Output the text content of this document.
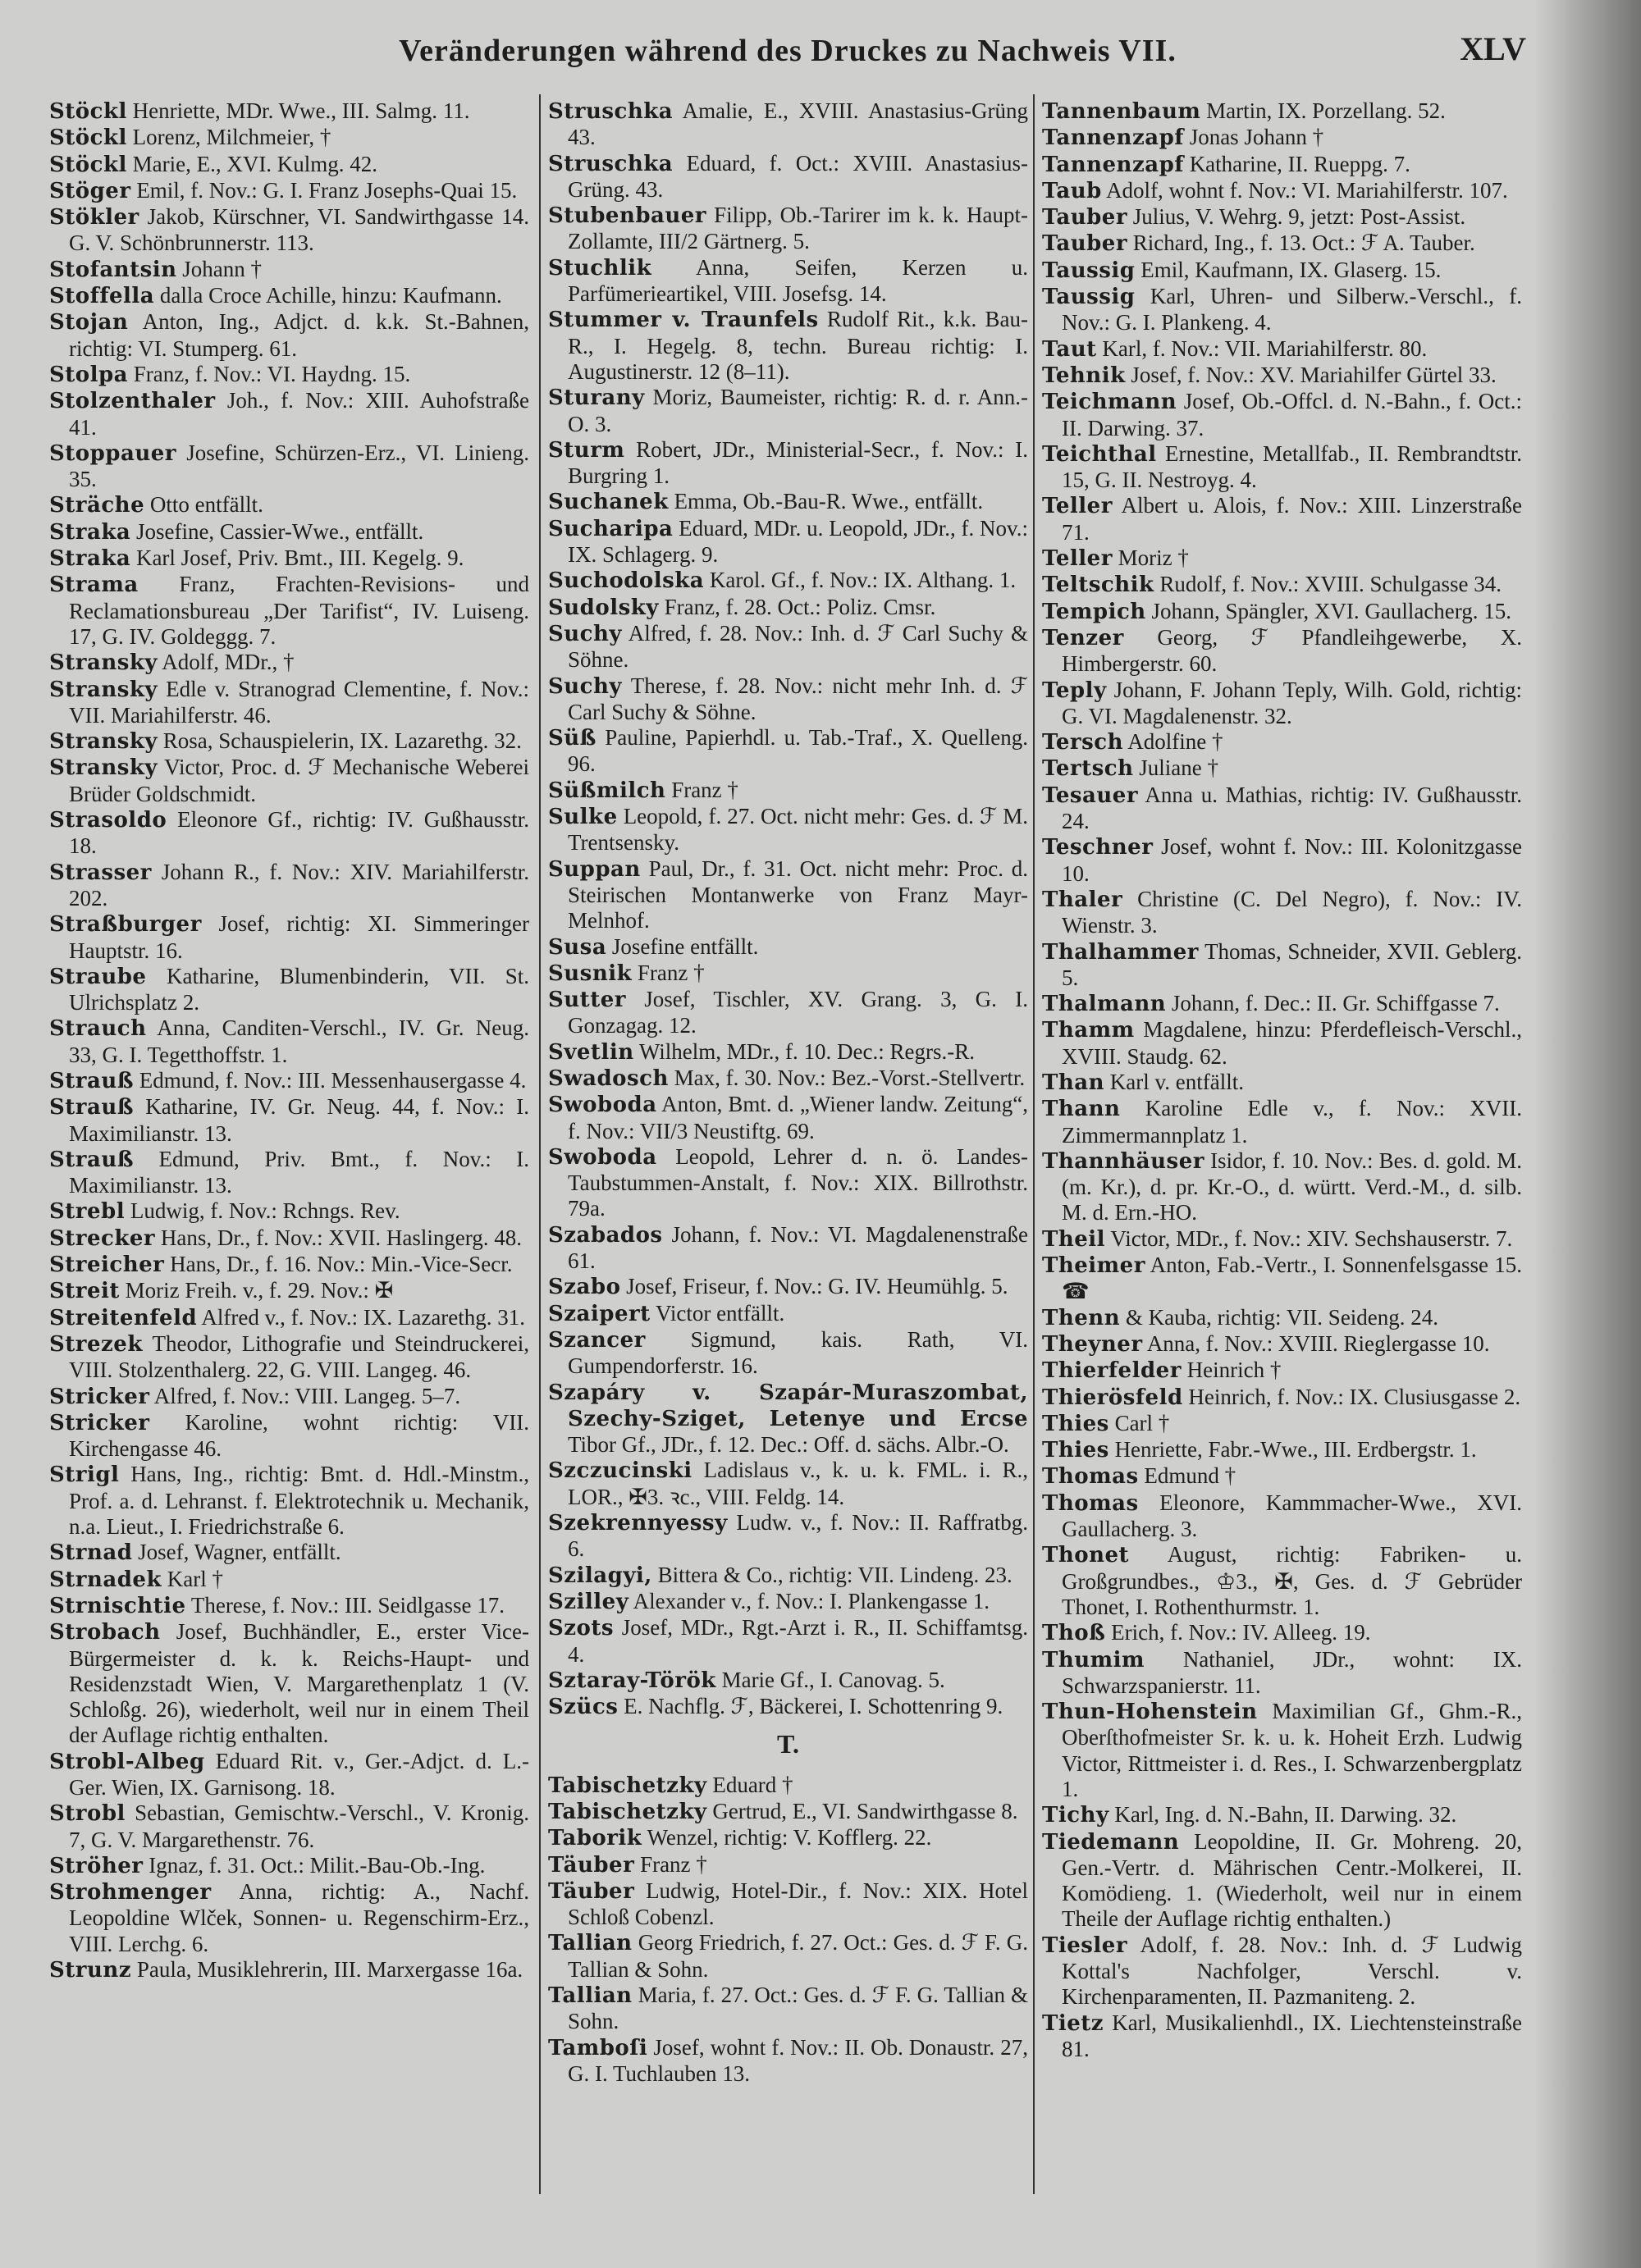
Veränderungen während des Druckes zu Nachweis VII.	XLV
Stöckl Henriette, MDr. Wwe., III. Salmg. 11.
Stöckl Lorenz, Milchmeier, †
Stöckl Marie, E., XVI. Kulmg. 42.
Stöger Emil, f. Nov.: G. I. Franz Josephs-Quai 15.
Stökler Jakob, Kürschner, VI. Sandwirthgasse 14. G. V. Schönbrunnerstr. 113.
Stofantsin Johann †
Stoffella dalla Croce Achille, hinzu: Kaufmann.
Stojan Anton, Ing., Adjct. d. k.k. St.-Bahnen, richtig: VI. Stumperg. 61.
Stolpa Franz, f. Nov.: VI. Haydng. 15.
Stolzenthaler Joh., f. Nov.: XIII. Auhofstraße 41.
Stoppauer Josefine, Schürzen-Erz., VI. Linieng. 35.
Sträche Otto entfällt.
Straka Josefine, Cassier-Wwe., entfällt.
Straka Karl Josef, Priv. Bmt., III. Kegelg. 9.
Strama Franz, Frachten-Revisions- und Reclamationsbureau „Der Tarifist“, IV. Luiseng. 17, G. IV. Goldeggg. 7.
Stransky Adolf, MDr., †
Stransky Edle v. Stranograd Clementine, f. Nov.: VII. Mariahilferstr. 46.
Stransky Rosa, Schauspielerin, IX. Lazarethg. 32.
Stransky Victor, Proc. d. ℱ Mechanische Weberei Brüder Goldschmidt.
Strasoldo Eleonore Gf., richtig: IV. Gußhausstr. 18.
Strasser Johann R., f. Nov.: XIV. Mariahilferstr. 202.
Straßburger Josef, richtig: XI. Simmeringer Hauptstr. 16.
Straube Katharine, Blumenbinderin, VII. St. Ulrichsplatz 2.
Strauch Anna, Canditen-Verschl., IV. Gr. Neug. 33, G. I. Tegetthoffstr. 1.
Strauß Edmund, f. Nov.: III. Messenhausergasse 4.
Strauß Katharine, IV. Gr. Neug. 44, f. Nov.: I. Maximilianstr. 13.
Strauß Edmund, Priv. Bmt., f. Nov.: I. Maximilianstr. 13.
Strebl Ludwig, f. Nov.: Rchngs. Rev.
Strecker Hans, Dr., f. Nov.: XVII. Haslingerg. 48.
Streicher Hans, Dr., f. 16. Nov.: Min.-Vice-Secr.
Streit Moriz Freih. v., f. 29. Nov.: ✠
Streitenfeld Alfred v., f. Nov.: IX. Lazarethg. 31.
Strezek Theodor, Lithografie und Steindruckerei, VIII. Stolzenthalerg. 22, G. VIII. Langeg. 46.
Stricker Alfred, f. Nov.: VIII. Langeg. 5–7.
Stricker Karoline, wohnt richtig: VII. Kirchengasse 46.
Strigl Hans, Ing., richtig: Bmt. d. Hdl.-Minstm., Prof. a. d. Lehranst. f. Elektrotechnik u. Mechanik, n.a. Lieut., I. Friedrichstraße 6.
Strnad Josef, Wagner, entfällt.
Strnadek Karl †
Strnischtie Therese, f. Nov.: III. Seidlgasse 17.
Strobach Josef, Buchhändler, E., erster Vice-Bürgermeister d. k. k. Reichs-Haupt- und Residenzstadt Wien, V. Margarethenplatz 1 (V. Schloßg. 26), wiederholt, weil nur in einem Theil der Auflage richtig enthalten.
Strobl-Albeg Eduard Rit. v., Ger.-Adjct. d. L.-Ger. Wien, IX. Garnisong. 18.
Strobl Sebastian, Gemischtw.-Verschl., V. Kronig. 7, G. V. Margarethenstr. 76.
Ströher Ignaz, f. 31. Oct.: Milit.-Bau-Ob.-Ing.
Strohmenger Anna, richtig: A., Nachf. Leopoldine Wlček, Sonnen- u. Regenschirm-Erz., VIII. Lerchg. 6.
Strunz Paula, Musiklehrerin, III. Marxergasse 16a.
Struschka Amalie, E., XVIII. Anastasius-Grüng 43.
Struschka Eduard, f. Oct.: XVIII. Anastasius-Grüng. 43.
Stubenbauer Filipp, Ob.-Tarirer im k. k. Haupt-Zollamte, III/2 Gärtnerg. 5.
Stuchlik Anna, Seifen, Kerzen u. Parfümerieartikel, VIII. Josefsg. 14.
Stummer v. Traunfels Rudolf Rit., k.k. Bau-R., I. Hegelg. 8, techn. Bureau richtig: I. Augustinerstr. 12 (8–11).
Sturany Moriz, Baumeister, richtig: R. d. r. Ann.-O. 3.
Sturm Robert, JDr., Ministerial-Secr., f. Nov.: I. Burgring 1.
Suchanek Emma, Ob.-Bau-R. Wwe., entfällt.
Sucharipa Eduard, MDr. u. Leopold, JDr., f. Nov.: IX. Schlagerg. 9.
Suchodolska Karol. Gf., f. Nov.: IX. Althang. 1.
Sudolsky Franz, f. 28. Oct.: Poliz. Cmsr.
Suchy Alfred, f. 28. Nov.: Inh. d. ℱ Carl Suchy & Söhne.
Suchy Therese, f. 28. Nov.: nicht mehr Inh. d. ℱ Carl Suchy & Söhne.
Süß Pauline, Papierhdl. u. Tab.-Traf., X. Quelleng. 96.
Süßmilch Franz †
Sulke Leopold, f. 27. Oct. nicht mehr: Ges. d. ℱ M. Trentsensky.
Suppan Paul, Dr., f. 31. Oct. nicht mehr: Proc. d. Steirischen Montanwerke von Franz Mayr-Melnhof.
Susa Josefine entfällt.
Susnik Franz †
Sutter Josef, Tischler, XV. Grang. 3, G. I. Gonzagag. 12.
Svetlin Wilhelm, MDr., f. 10. Dec.: Regrs.-R.
Swadosch Max, f. 30. Nov.: Bez.-Vorst.-Stellvertr.
Swoboda Anton, Bmt. d. „Wiener landw. Zeitung“, f. Nov.: VII/3 Neustiftg. 69.
Swoboda Leopold, Lehrer d. n. ö. Landes-Taubstummen-Anstalt, f. Nov.: XIX. Billrothstr. 79a.
Szabados Johann, f. Nov.: VI. Magdalenenstraße 61.
Szabo Josef, Friseur, f. Nov.: G. IV. Heumühlg. 5.
Szaipert Victor entfällt.
Szancer Sigmund, kais. Rath, VI. Gumpendorferstr. 16.
Szapáry v. Szapár-Muraszombat, Szechy-Sziget, Letenye und Ercse Tibor Gf., JDr., f. 12. Dec.: Off. d. sächs. Albr.-O.
Szczucinski Ladislaus v., k. u. k. FML. i. R., LOR., ✠3. ꝛc., VIII. Feldg. 14.
Szekrennyessy Ludw. v., f. Nov.: II. Raffratbg. 6.
Szilagyi, Bittera & Co., richtig: VII. Lindeng. 23.
Szilley Alexander v., f. Nov.: I. Plankengasse 1.
Szots Josef, MDr., Rgt.-Arzt i. R., II. Schiffamtsg. 4.
Sztaray-Török Marie Gf., I. Canovag. 5.
Szücs E. Nachflg. ℱ, Bäckerei, I. Schottenring 9.
T.
Tabischetzky Eduard †
Tabischetzky Gertrud, E., VI. Sandwirthgasse 8.
Taborik Wenzel, richtig: V. Kofflerg. 22.
Täuber Franz †
Täuber Ludwig, Hotel-Dir., f. Nov.: XIX. Hotel Schloß Cobenzl.
Tallian Georg Friedrich, f. 27. Oct.: Ges. d. ℱ F. G. Tallian & Sohn.
Tallian Maria, f. 27. Oct.: Ges. d. ℱ F. G. Tallian & Sohn.
Tamboſi Josef, wohnt f. Nov.: II. Ob. Donaustr. 27, G. I. Tuchlauben 13.
Tannenbaum Martin, IX. Porzellang. 52.
Tannenzapf Jonas Johann †
Tannenzapf Katharine, II. Rueppg. 7.
Taub Adolf, wohnt f. Nov.: VI. Mariahilferstr. 107.
Tauber Julius, V. Wehrg. 9, jetzt: Post-Assist.
Tauber Richard, Ing., f. 13. Oct.: ℱ A. Tauber.
Taussig Emil, Kaufmann, IX. Glaserg. 15.
Taussig Karl, Uhren- und Silberw.-Verschl., f. Nov.: G. I. Plankeng. 4.
Taut Karl, f. Nov.: VII. Mariahilferstr. 80.
Tehnik Josef, f. Nov.: XV. Mariahilfer Gürtel 33.
Teichmann Josef, Ob.-Offcl. d. N.-Bahn., f. Oct.: II. Darwing. 37.
Teichthal Ernestine, Metallfab., II. Rembrandtstr. 15, G. II. Nestroyg. 4.
Teller Albert u. Alois, f. Nov.: XIII. Linzerstraße 71.
Teller Moriz †
Teltschik Rudolf, f. Nov.: XVIII. Schulgasse 34.
Tempich Johann, Spängler, XVI. Gaullacherg. 15.
Tenzer Georg, ℱ Pfandleihgewerbe, X. Himbergerstr. 60.
Teply Johann, F. Johann Teply, Wilh. Gold, richtig: G. VI. Magdalenenstr. 32.
Tersch Adolfine †
Tertsch Juliane †
Tesauer Anna u. Mathias, richtig: IV. Gußhausstr. 24.
Teschner Josef, wohnt f. Nov.: III. Kolonitzgasse 10.
Thaler Christine (C. Del Negro), f. Nov.: IV. Wienstr. 3.
Thalhammer Thomas, Schneider, XVII. Geblerg. 5.
Thalmann Johann, f. Dec.: II. Gr. Schiffgasse 7.
Thamm Magdalene, hinzu: Pferdefleisch-Verschl., XVIII. Staudg. 62.
Than Karl v. entfällt.
Thann Karoline Edle v., f. Nov.: XVII. Zimmermannplatz 1.
Thannhäuser Isidor, f. 10. Nov.: Bes. d. gold. M. (m. Kr.), d. pr. Kr.-O., d. württ. Verd.-M., d. silb. M. d. Ern.-HO.
Theil Victor, MDr., f. Nov.: XIV. Sechshauserstr. 7.
Theimer Anton, Fab.-Vertr., I. Sonnenfelsgasse 15. ☎
Thenn & Kauba, richtig: VII. Seideng. 24.
Theyner Anna, f. Nov.: XVIII. Rieglergasse 10.
Thierfelder Heinrich †
Thierösfeld Heinrich, f. Nov.: IX. Clusiusgasse 2.
Thies Carl †
Thies Henriette, Fabr.-Wwe., III. Erdbergstr. 1.
Thomas Edmund †
Thomas Eleonore, Kammmacher-Wwe., XVI. Gaullacherg. 3.
Thonet August, richtig: Fabriken- u. Großgrundbes., ♔3., ✠, Ges. d. ℱ Gebrüder Thonet, I. Rothenthurmstr. 1.
Thoß Erich, f. Nov.: IV. Alleeg. 19.
Thumim Nathaniel, JDr., wohnt: IX. Schwarzspanierstr. 11.
Thun-Hohenstein Maximilian Gf., Ghm.-R., Oberſthofmeister Sr. k. u. k. Hoheit Erzh. Ludwig Victor, Rittmeister i. d. Res., I. Schwarzenbergplatz 1.
Tichy Karl, Ing. d. N.-Bahn, II. Darwing. 32.
Tiedemann Leopoldine, II. Gr. Mohreng. 20, Gen.-Vertr. d. Mährischen Centr.-Molkerei, II. Komödieng. 1. (Wiederholt, weil nur in einem Theile der Auflage richtig enthalten.)
Tiesler Adolf, f. 28. Nov.: Inh. d. ℱ Ludwig Kottal's Nachfolger, Verschl. v. Kirchenparamenten, II. Pazmaniteng. 2.
Tietz Karl, Musikalienhdl., IX. Liechtensteinstraße 81.
